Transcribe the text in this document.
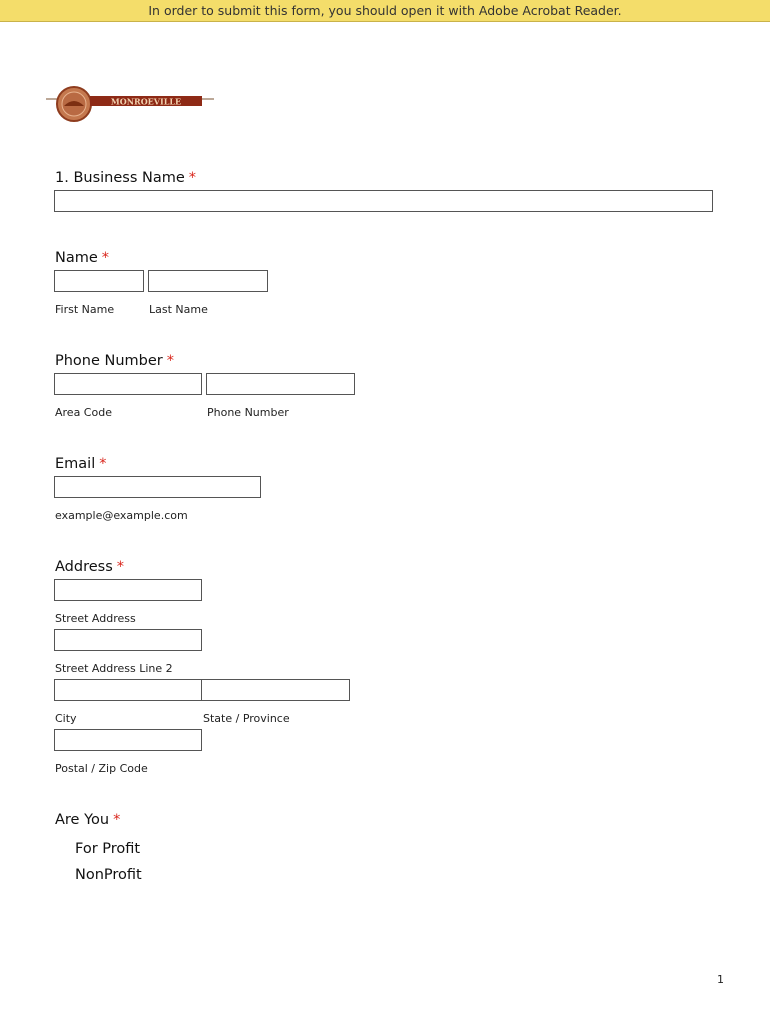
In order to submit this form, you should open it with Adobe Acrobat Reader.
MONROEVILLE
1. Business Name *
Name *
First Name	Last Name
Phone Number *
Area Code	Phone Number
Email *
example@example.com
Address *
Street Address
Street Address Line 2
City	State / Province
Postal / Zip Code
Are You *
For Profit
NonProfit
1
